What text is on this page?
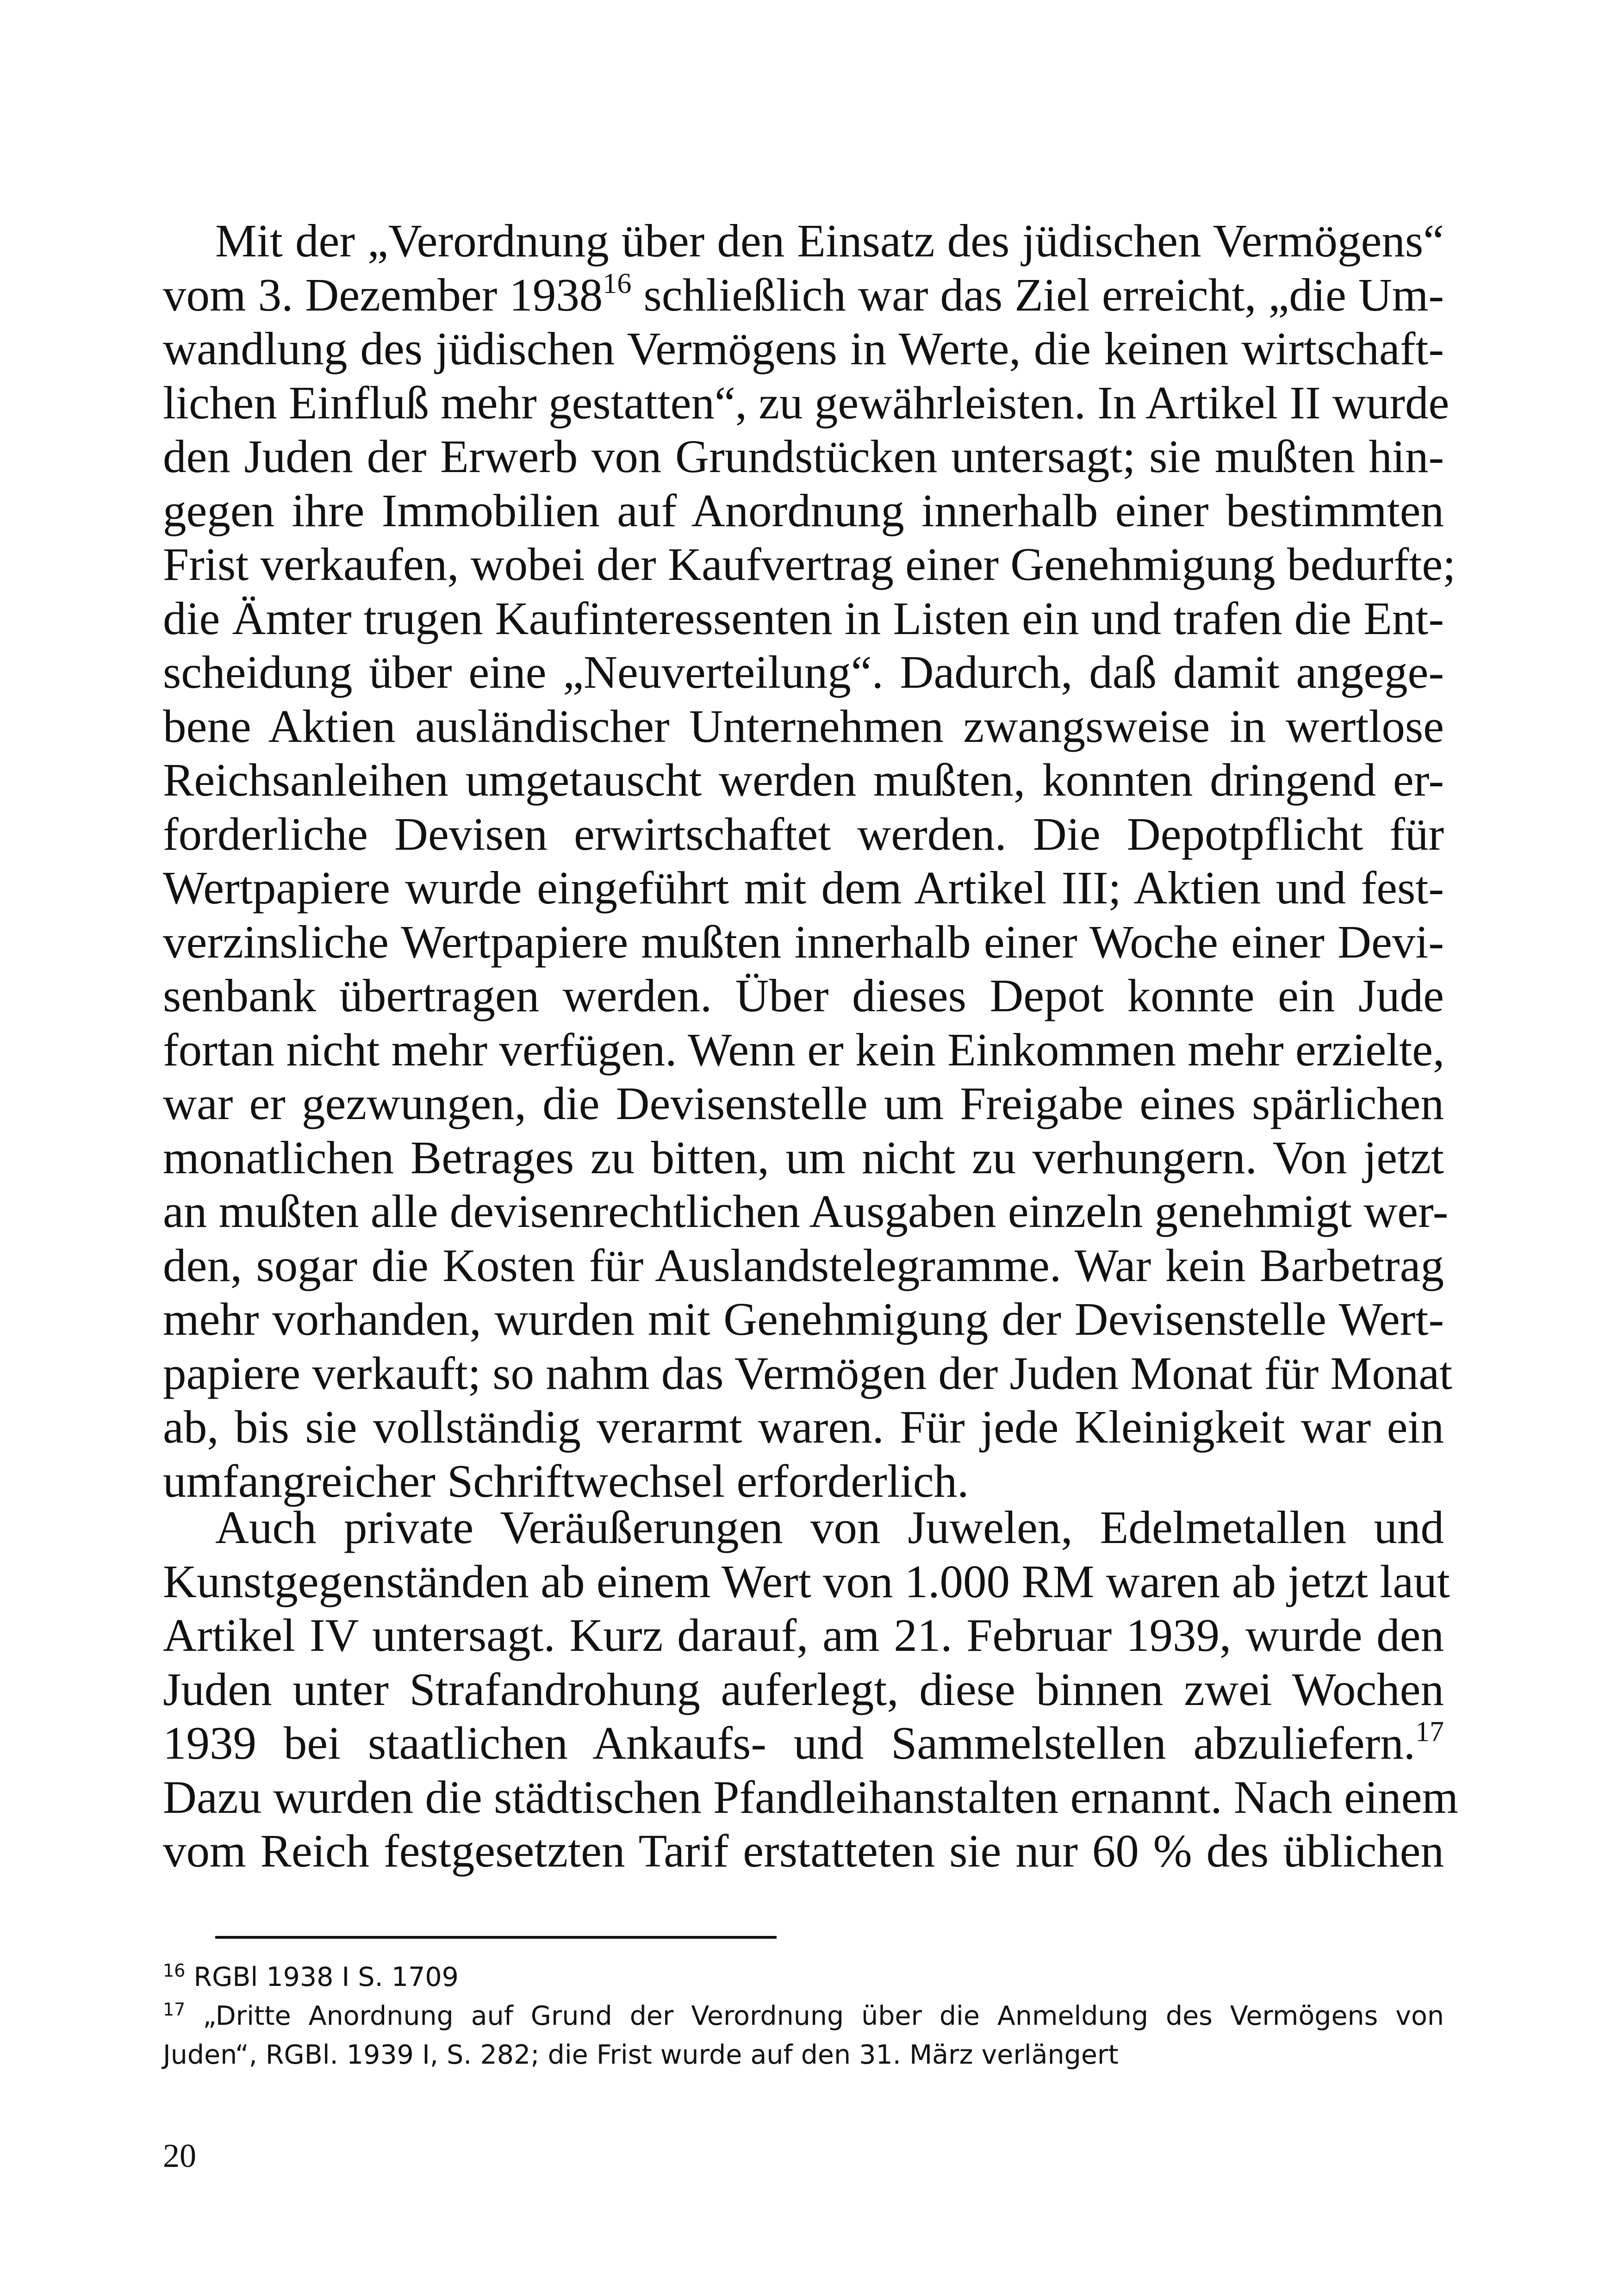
Mit der „Verordnung über den Einsatz des jüdischen Vermögens“
vom 3. Dezember 1938$^{16}$ schließlich war das Ziel erreicht, „die Um-
wandlung des jüdischen Vermögens in Werte, die keinen wirtschaft-
lichen Einfluß mehr gestatten“, zu gewährleisten. In Artikel II wurde
den Juden der Erwerb von Grundstücken untersagt; sie mußten hin-
gegen ihre Immobilien auf Anordnung innerhalb einer bestimmten
Frist verkaufen, wobei der Kaufvertrag einer Genehmigung bedurfte;
die Ämter trugen Kaufinteressenten in Listen ein und trafen die Ent-
scheidung über eine „Neuverteilung“. Dadurch, daß damit angege-
bene Aktien ausländischer Unternehmen zwangsweise in wertlose
Reichsanleihen umgetauscht werden mußten, konnten dringend er-
forderliche Devisen erwirtschaftet werden. Die Depotpflicht für
Wertpapiere wurde eingeführt mit dem Artikel III; Aktien und fest-
verzinsliche Wertpapiere mußten innerhalb einer Woche einer Devi-
senbank übertragen werden. Über dieses Depot konnte ein Jude
fortan nicht mehr verfügen. Wenn er kein Einkommen mehr erzielte,
war er gezwungen, die Devisenstelle um Freigabe eines spärlichen
monatlichen Betrages zu bitten, um nicht zu verhungern. Von jetzt
an mußten alle devisenrechtlichen Ausgaben einzeln genehmigt wer-
den, sogar die Kosten für Auslandstelegramme. War kein Barbetrag
mehr vorhanden, wurden mit Genehmigung der Devisenstelle Wert-
papiere verkauft; so nahm das Vermögen der Juden Monat für Monat
ab, bis sie vollständig verarmt waren. Für jede Kleinigkeit war ein
umfangreicher Schriftwechsel erforderlich.
Auch private Veräußerungen von Juwelen, Edelmetallen und
Kunstgegenständen ab einem Wert von 1.000 RM waren ab jetzt laut
Artikel IV untersagt. Kurz darauf, am 21. Februar 1939, wurde den
Juden unter Strafandrohung auferlegt, diese binnen zwei Wochen
1939 bei staatlichen Ankaufs- und Sammelstellen abzuliefern.$^{17}$
Dazu wurden die städtischen Pfandleihanstalten ernannt. Nach einem
vom Reich festgesetzten Tarif erstatteten sie nur 60 % des üblichen
$^{16}$ RGBl 1938 I S. 1709
$^{17}$ „Dritte Anordnung auf Grund der Verordnung über die Anmeldung des Vermögens von
Juden“, RGBl. 1939 I, S. 282; die Frist wurde auf den 31. März verlängert
20
